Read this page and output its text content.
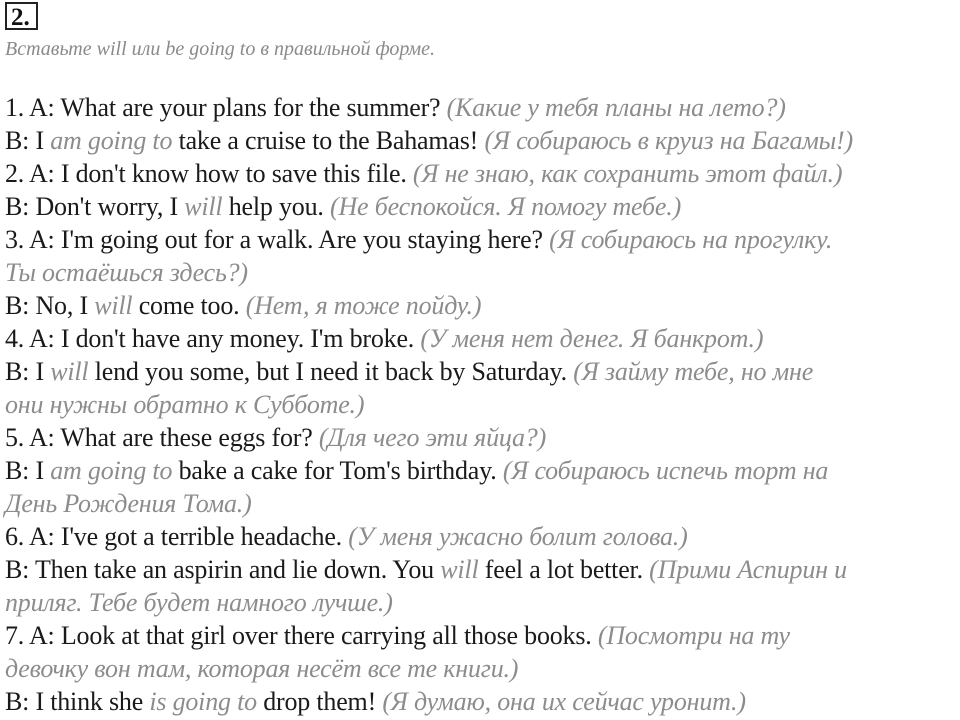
2.
Вставьте will или be going to в правильной форме.
1. A: What are your plans for the summer? (Какие у тебя планы на лето?)
B: I am going to take a cruise to the Bahamas! (Я собираюсь в круиз на Багамы!)
2. A: I don't know how to save this file. (Я не знаю, как сохранить этот файл.)
B: Don't worry, I will help you. (Не беспокойся. Я помогу тебе.)
3. A: I'm going out for a walk. Are you staying here? (Я собираюсь на прогулку.
Ты остаёшься здесь?)
B: No, I will come too. (Нет, я тоже пойду.)
4. A: I don't have any money. I'm broke. (У меня нет денег. Я банкрот.)
B: I will lend you some, but I need it back by Saturday. (Я займу тебе, но мне
они нужны обратно к Субботе.)
5. A: What are these eggs for? (Для чего эти яйца?)
B: I am going to bake a cake for Tom's birthday. (Я собираюсь испечь торт на
День Рождения Тома.)
6. A: I've got a terrible headache. (У меня ужасно болит голова.)
B: Then take an aspirin and lie down. You will feel a lot better. (Прими Аспирин и
приляг. Тебе будет намного лучше.)
7. A: Look at that girl over there carrying all those books. (Посмотри на ту
девочку вон там, которая несёт все те книги.)
B: I think she is going to drop them! (Я думаю, она их сейчас уронит.)
